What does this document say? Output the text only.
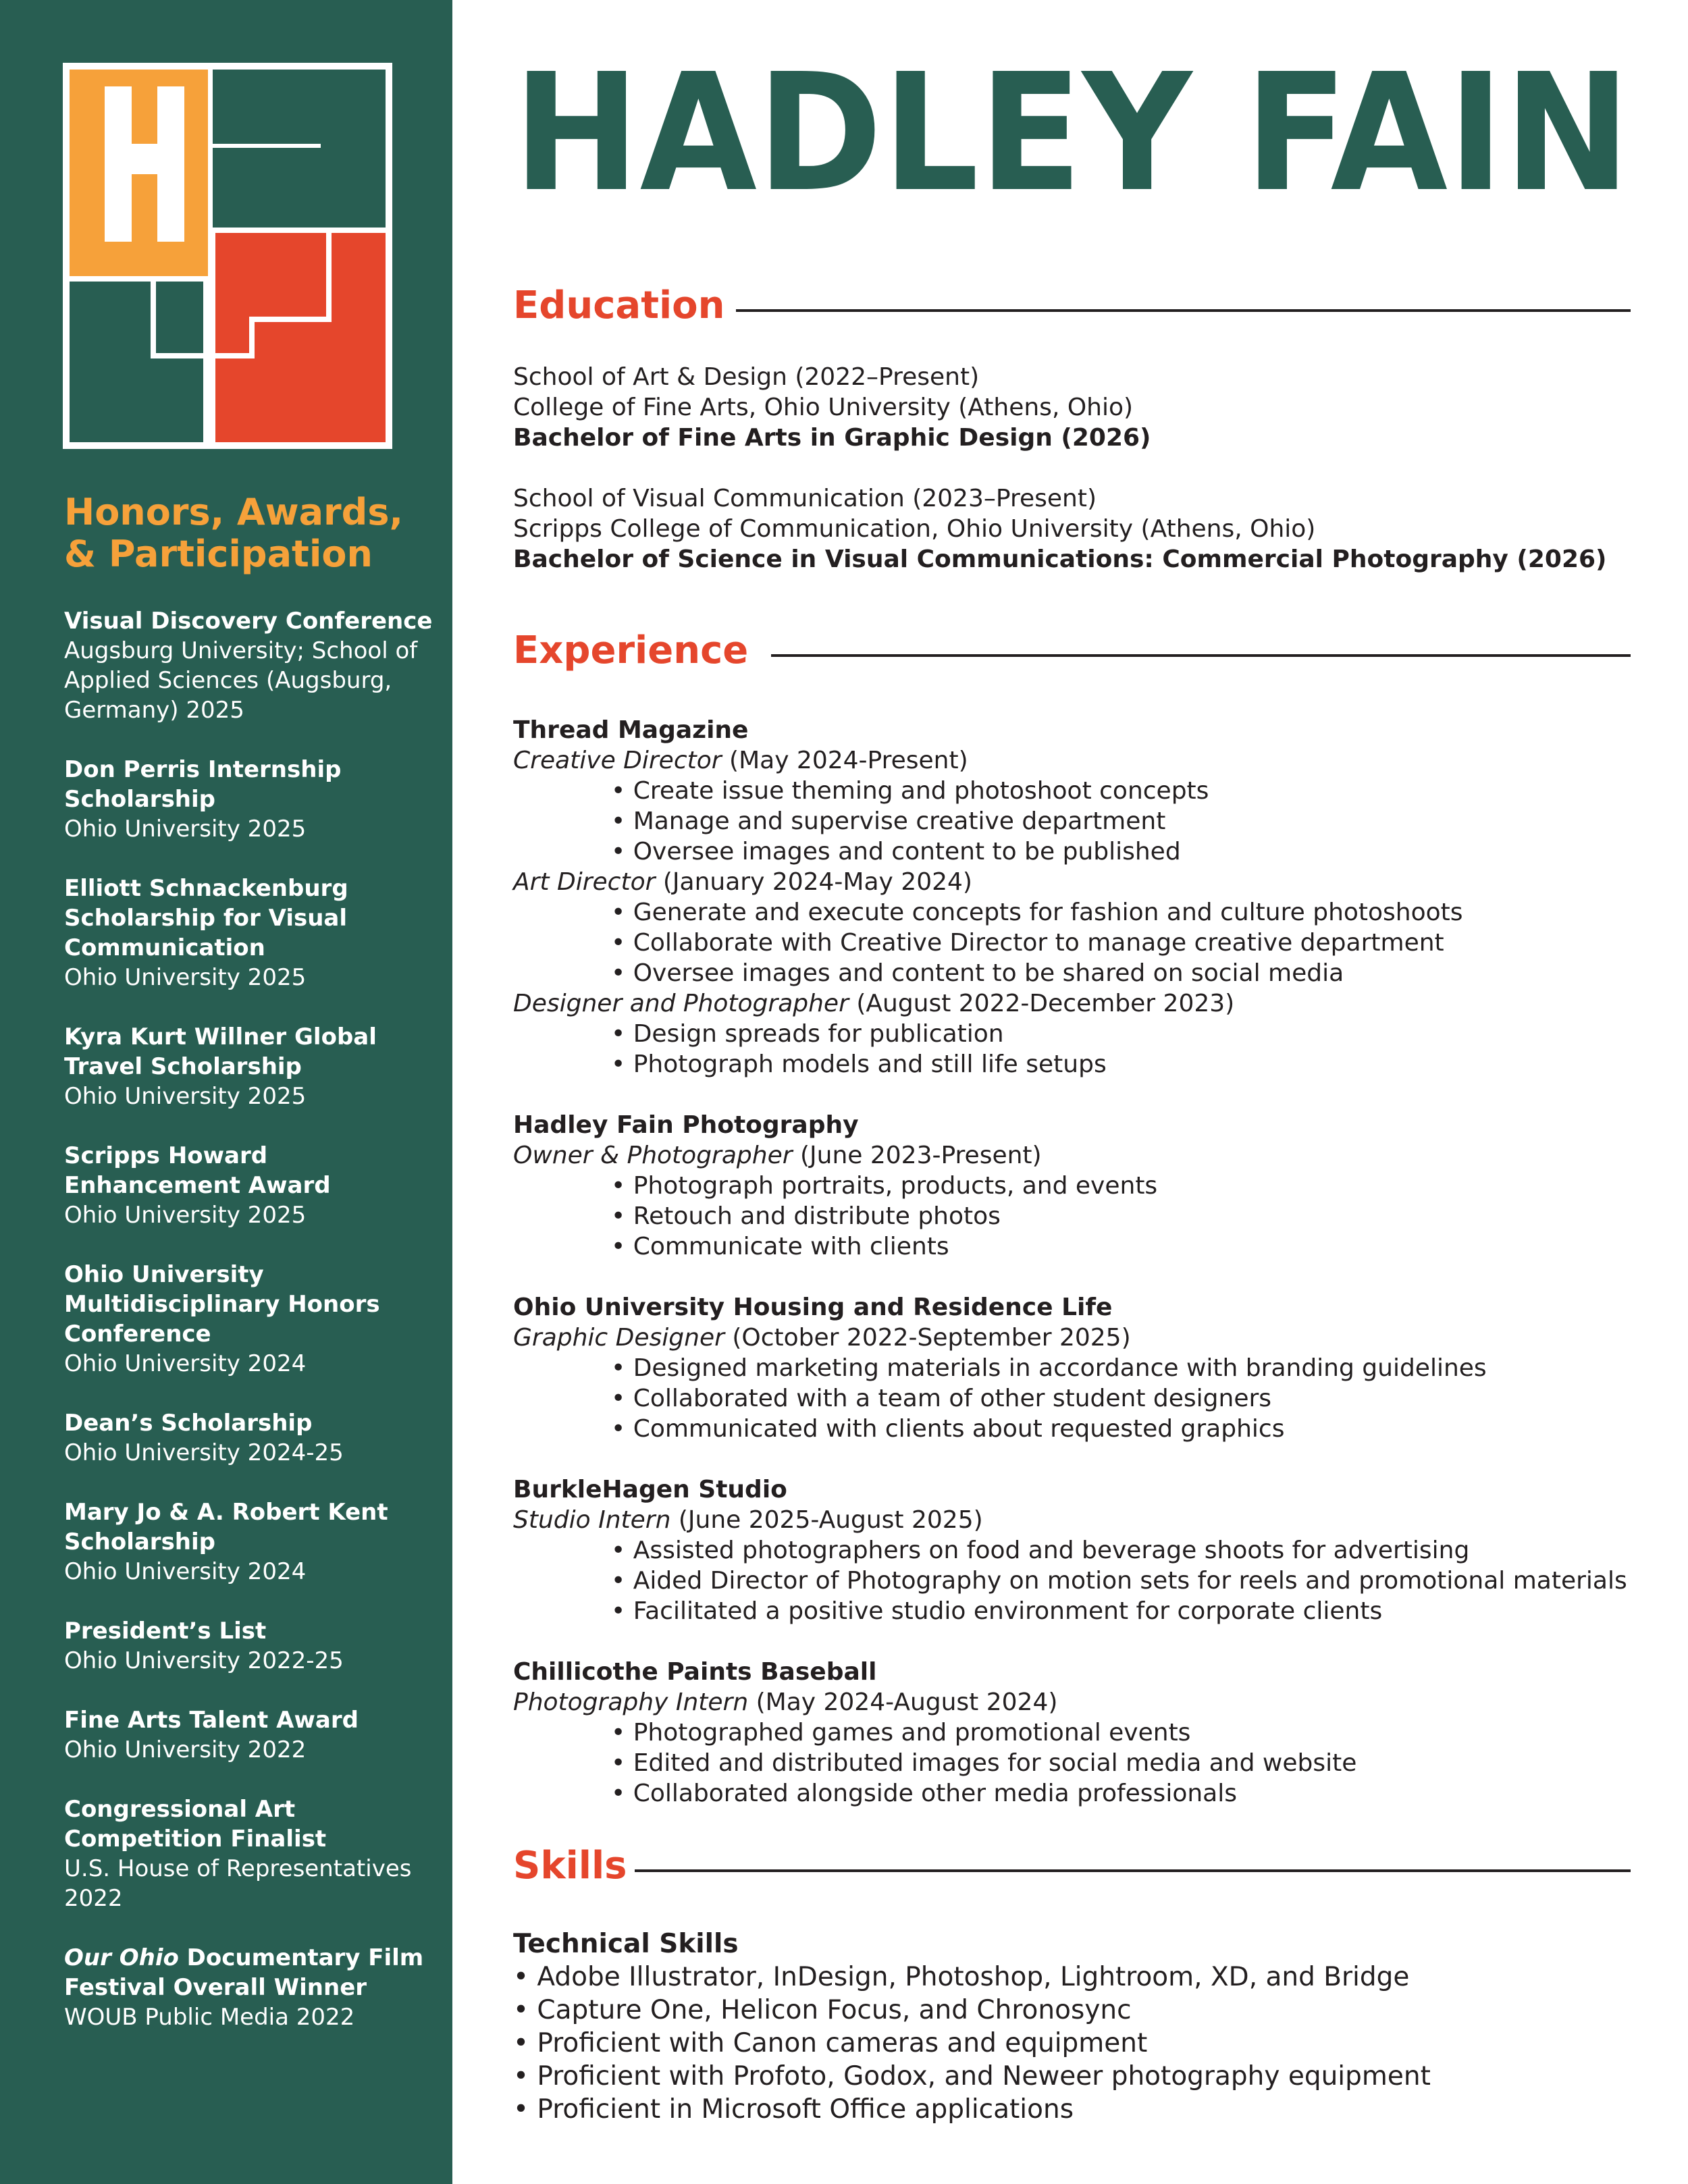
Honors, Awards, & Participation
Visual Discovery Conference
Augsburg University; School of Applied Sciences (Augsburg, Germany) 2025
Don Perris Internship Scholarship
Ohio University 2025
Elliott Schnackenburg Scholarship for Visual Communication
Ohio University 2025
Kyra Kurt Willner Global Travel Scholarship
Ohio University 2025
Scripps Howard Enhancement Award
Ohio University 2025
Ohio University Multidisciplinary Honors Conference
Ohio University 2024
Dean’s Scholarship
Ohio University 2024-25
Mary Jo & A. Robert Kent Scholarship
Ohio University 2024
President’s List
Ohio University 2022-25
Fine Arts Talent Award
Ohio University 2022
Congressional Art Competition Finalist
U.S. House of Representatives 2022
Our Ohio Documentary Film Festival Overall Winner
WOUB Public Media 2022
HADLEY FAIN
Education
School of Art & Design (2022–Present)
College of Fine Arts, Ohio University (Athens, Ohio)
Bachelor of Fine Arts in Graphic Design (2026)
School of Visual Communication (2023–Present)
Scripps College of Communication, Ohio University (Athens, Ohio)
Bachelor of Science in Visual Communications: Commercial Photography (2026)
Experience
Thread Magazine
Creative Director (May 2024-Present)
• Create issue theming and photoshoot concepts
• Manage and supervise creative department
• Oversee images and content to be published
Art Director (January 2024-May 2024)
• Generate and execute concepts for fashion and culture photoshoots
• Collaborate with Creative Director to manage creative department
• Oversee images and content to be shared on social media
Designer and Photographer (August 2022-December 2023)
• Design spreads for publication
• Photograph models and still life setups
Hadley Fain Photography
Owner & Photographer (June 2023-Present)
• Photograph portraits, products, and events
• Retouch and distribute photos
• Communicate with clients
Ohio University Housing and Residence Life
Graphic Designer (October 2022-September 2025)
• Designed marketing materials in accordance with branding guidelines
• Collaborated with a team of other student designers
• Communicated with clients about requested graphics
BurkleHagen Studio
Studio Intern (June 2025-August 2025)
• Assisted photographers on food and beverage shoots for advertising
• Aided Director of Photography on motion sets for reels and promotional materials
• Facilitated a positive studio environment for corporate clients
Chillicothe Paints Baseball
Photography Intern (May 2024-August 2024)
• Photographed games and promotional events
• Edited and distributed images for social media and website
• Collaborated alongside other media professionals
Skills
Technical Skills
• Adobe Illustrator, InDesign, Photoshop, Lightroom, XD, and Bridge
• Capture One, Helicon Focus, and Chronosync
• Proficient with Canon cameras and equipment
• Proficient with Profoto, Godox, and Neweer photography equipment
• Proficient in Microsoft Office applications
